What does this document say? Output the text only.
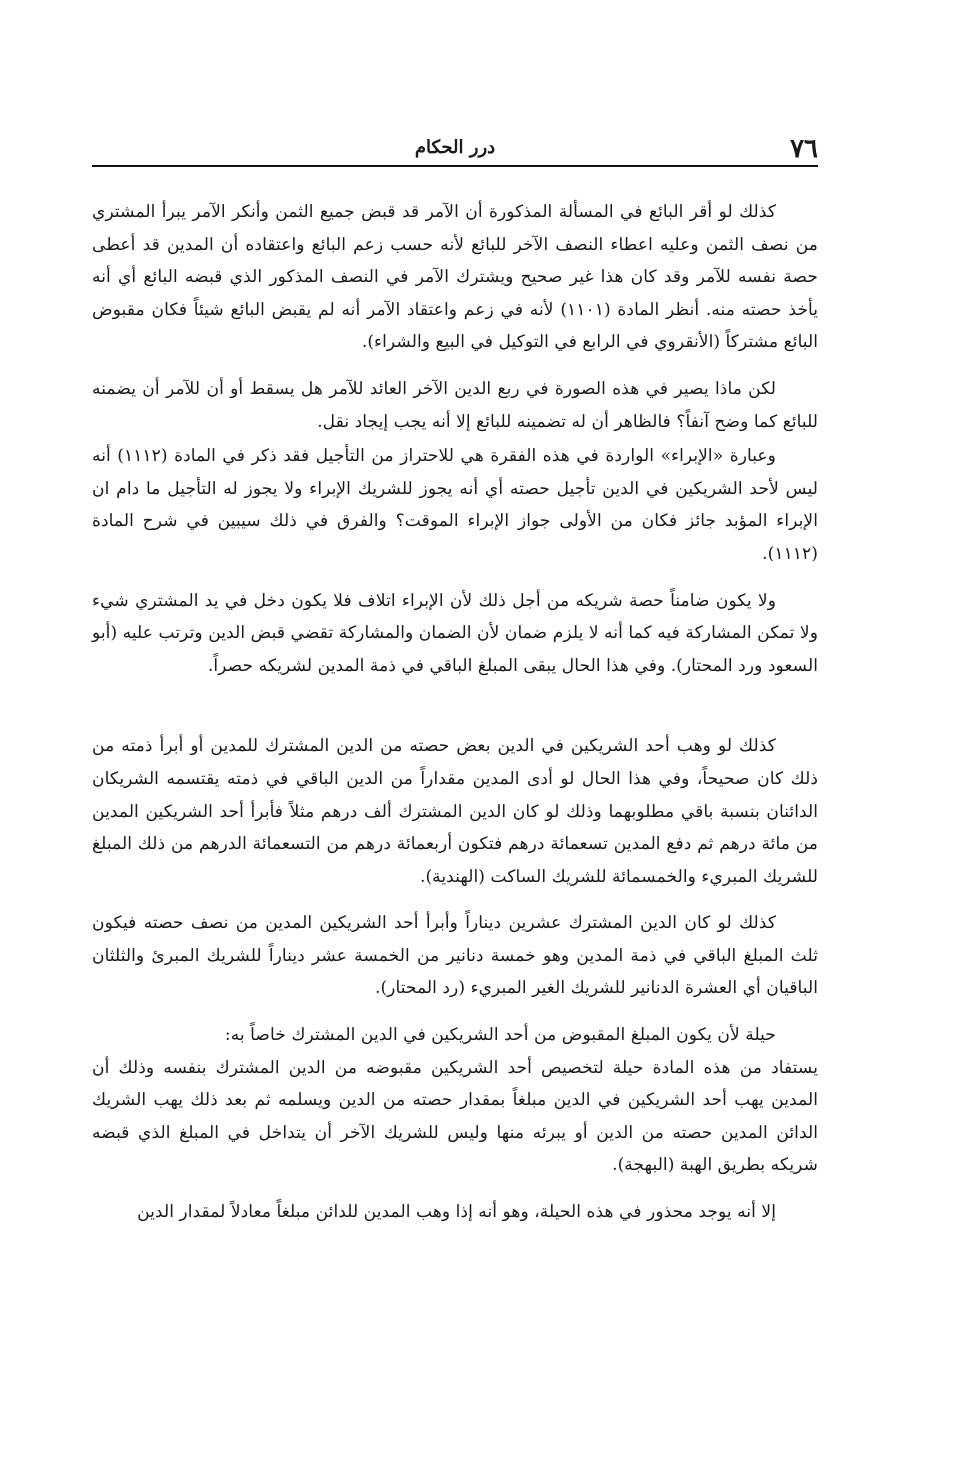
٧٦
درر الحكام

كذلك لو أقر البائع في المسألة المذكورة أن الآمر قد قبض جميع الثمن وأنكر الآمر يبرأ المشتري من نصف الثمن وعليه اعطاء النصف الآخر للبائع لأنه حسب زعم البائع واعتقاده أن المدين قد أعطى حصة نفسه للآمر وقد كان هذا غير صحيح ويشترك الآمر في النصف المذكور الذي قبضه البائع أي أنه يأخذ حصته منه. أنظر المادة (١١٠١) لأنه في زعم واعتقاد الآمر أنه لم يقبض البائع شيئاً فكان مقبوض البائع مشتركاً (الأنقروي في الرابع في التوكيل في البيع والشراء).

لكن ماذا يصير في هذه الصورة في ربع الدين الآخر العائد للآمر هل يسقط أو أن للآمر أن يضمنه للبائع كما وضح آنفاً؟ فالظاهر أن له تضمينه للبائع إلا أنه يجب إيجاد نقل.

وعبارة «الإبراء» الواردة في هذه الفقرة هي للاحتراز من التأجيل فقد ذكر في المادة (١١١٢) أنه ليس لأحد الشريكين في الدين تأجيل حصته أي أنه يجوز للشريك الإبراء ولا يجوز له التأجيل ما دام ان الإبراء المؤبد جائز فكان من الأولى جواز الإبراء الموقت؟ والفرق في ذلك سيبين في شرح المادة (١١١٢).

ولا يكون ضامناً حصة شريكه من أجل ذلك لأن الإبراء اتلاف فلا يكون دخل في يد المشتري شيء ولا تمكن المشاركة فيه كما أنه لا يلزم ضمان لأن الضمان والمشاركة تقضي قبض الدين وترتب عليه (أبو السعود ورد المحتار). وفي هذا الحال يبقى المبلغ الباقي في ذمة المدين لشريكه حصراً.

كذلك لو وهب أحد الشريكين في الدين بعض حصته من الدين المشترك للمدين أو أبرأ ذمته من ذلك كان صحيحاً، وفي هذا الحال لو أدى المدين مقداراً من الدين الباقي في ذمته يقتسمه الشريكان الدائنان بنسبة باقي مطلوبهما وذلك لو كان الدين المشترك ألف درهم مثلاً فأبرأ أحد الشريكين المدين من مائة درهم ثم دفع المدين تسعمائة درهم فتكون أربعمائة درهم من التسعمائة الدرهم من ذلك المبلغ للشريك المبريء والخمسمائة للشريك الساكت (الهندية).

كذلك لو كان الدين المشترك عشرين ديناراً وأبرأ أحد الشريكين المدين من نصف حصته فيكون ثلث المبلغ الباقي في ذمة المدين وهو خمسة دنانير من الخمسة عشر ديناراً للشريك المبرئ والثلثان الباقيان أي العشرة الدنانير للشريك الغير المبريء (رد المحتار).

حيلة لأن يكون المبلغ المقبوض من أحد الشريكين في الدين المشترك خاصاً به:

يستفاد من هذه المادة حيلة لتخصيص أحد الشريكين مقبوضه من الدين المشترك بنفسه وذلك أن المدين يهب أحد الشريكين في الدين مبلغاً بمقدار حصته من الدين ويسلمه ثم بعد ذلك يهب الشريك الدائن المدين حصته من الدين أو يبرئه منها وليس للشريك الآخر أن يتداخل في المبلغ الذي قبضه شريكه بطريق الهبة (البهجة).

إلا أنه يوجد محذور في هذه الحيلة، وهو أنه إذا وهب المدين للدائن مبلغاً معادلاً لمقدار الدين
